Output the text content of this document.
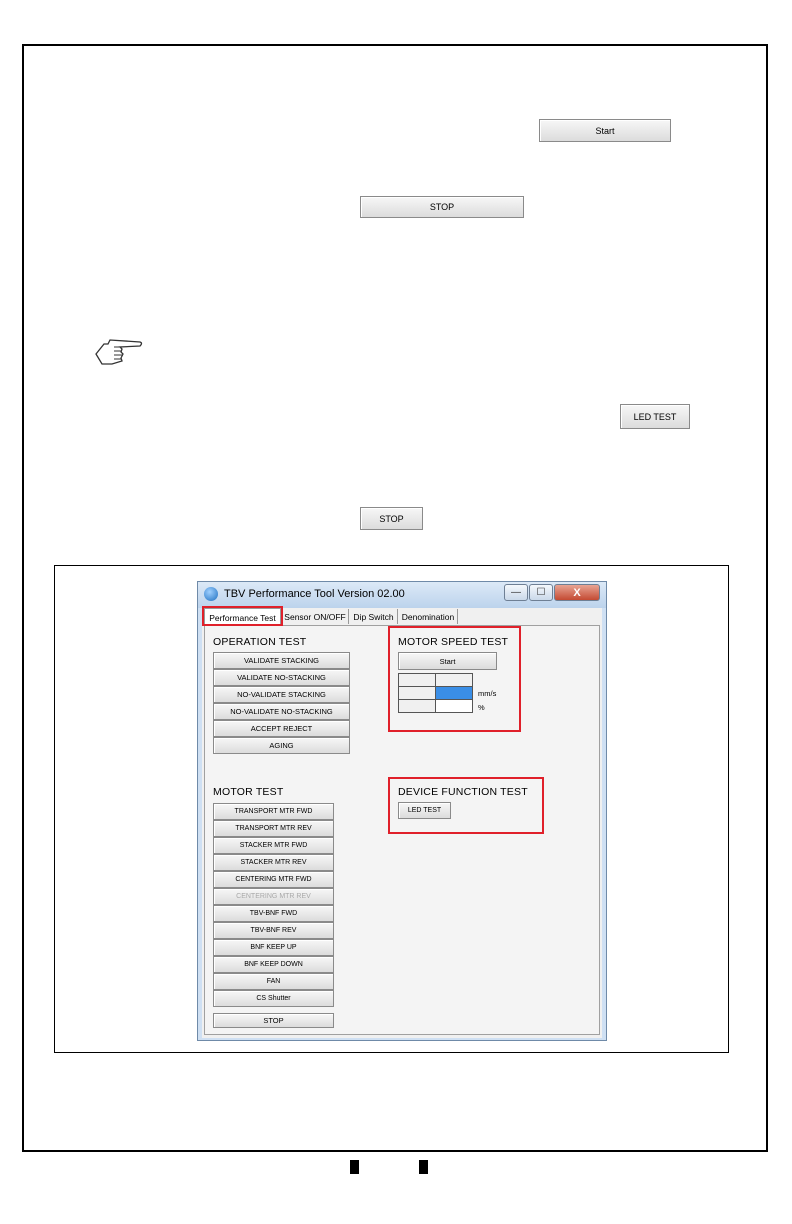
Start
STOP
LED TEST
STOP
TBV Performance Tool Version 02.00	—	☐	X
Performance Test	Sensor ON/OFF Dip Switch Denomination
OPERATION TEST
VALIDATE STACKING
VALIDATE NO-STACKING
NO-VALIDATE STACKING
NO-VALIDATE NO-STACKING
ACCEPT REJECT
AGING
MOTOR SPEED TEST
Start
mm/s
%
MOTOR TEST
TRANSPORT MTR FWD
TRANSPORT MTR REV
STACKER MTR FWD
STACKER MTR REV
CENTERING MTR FWD
CENTERING MTR REV
TBV-BNF FWD
TBV-BNF REV
BNF KEEP UP
BNF KEEP DOWN
FAN
CS Shutter
STOP
DEVICE FUNCTION TEST
LED TEST
